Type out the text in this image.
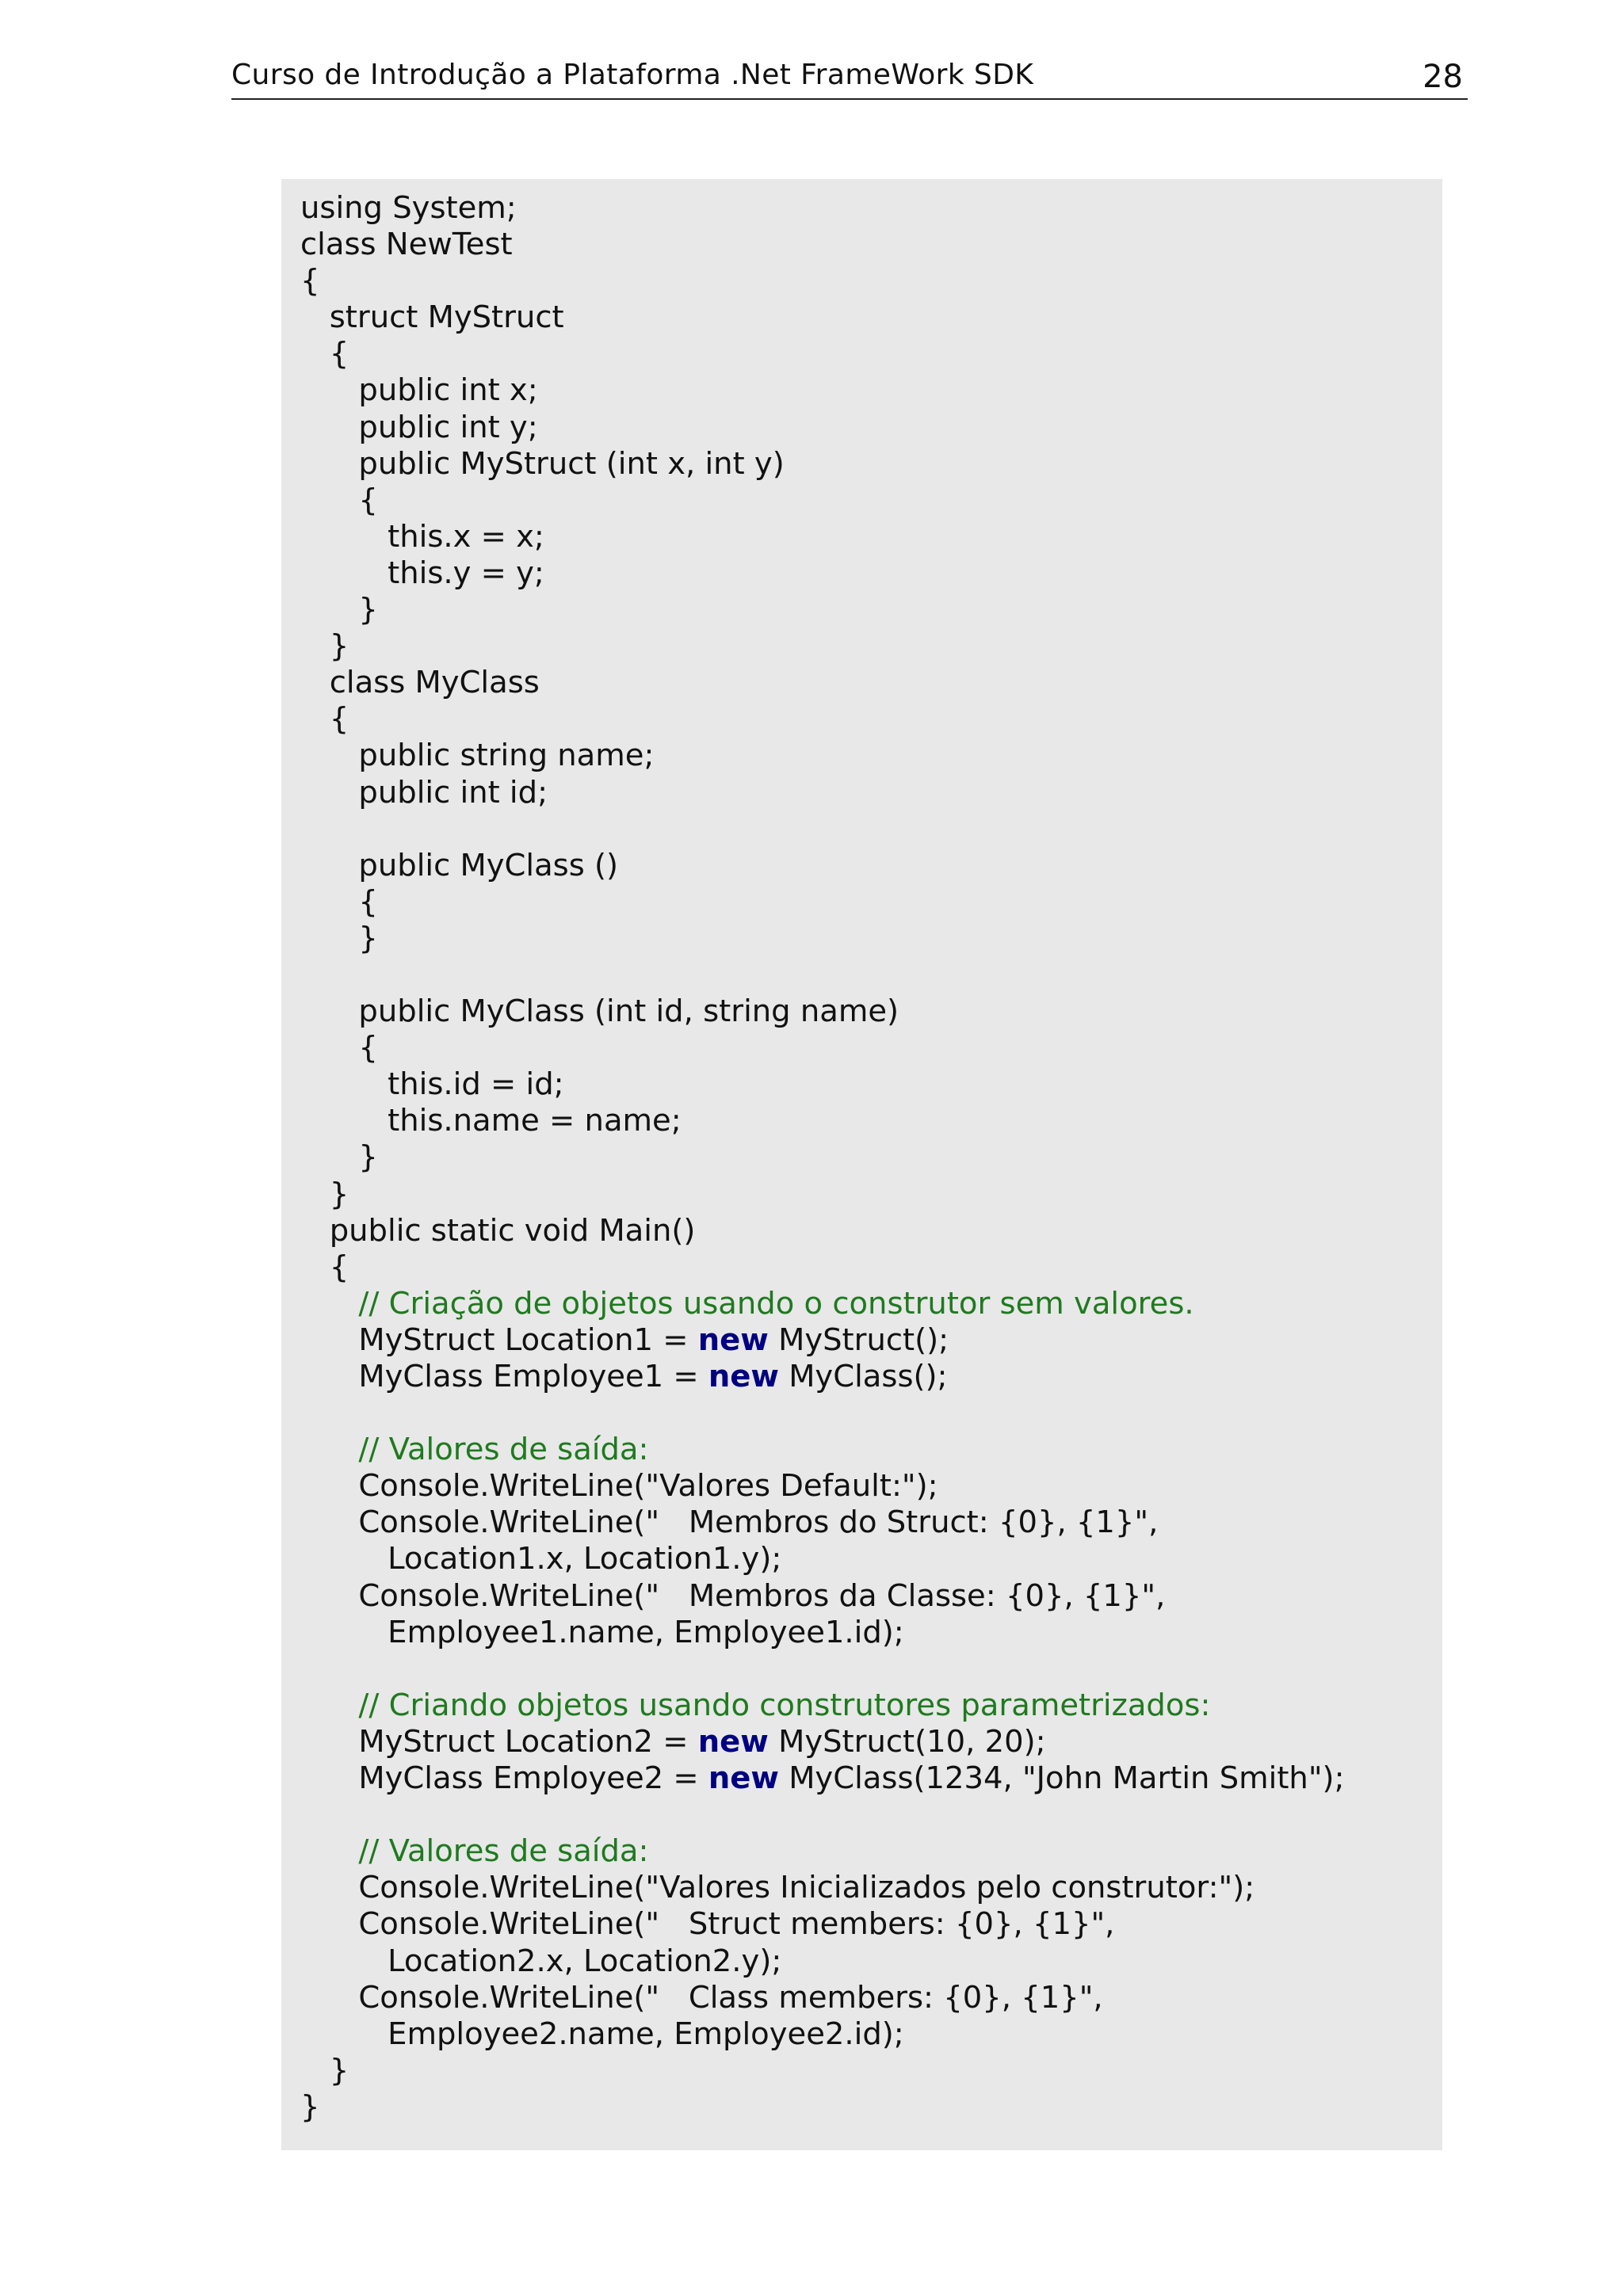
Curso de Introdução a Plataforma .Net FrameWork SDK	28
using System;
class NewTest
{
struct MyStruct
{
public int x;
public int y;
public MyStruct (int x, int y)
{
this.x = x;
this.y = y;
}
}
class MyClass
{
public string name;
public int id;

public MyClass ()
{
}

public MyClass (int id, string name)
{
this.id = id;
this.name = name;
}
}
public static void Main()
{
// Criação de objetos usando o construtor sem valores.
MyStruct Location1 = new MyStruct();
MyClass Employee1 = new MyClass();

// Valores de saída:
Console.WriteLine("Valores Default:");
Console.WriteLine("   Membros do Struct: {0}, {1}",
Location1.x, Location1.y);
Console.WriteLine("   Membros da Classe: {0}, {1}",
Employee1.name, Employee1.id);

// Criando objetos usando construtores parametrizados:
MyStruct Location2 = new MyStruct(10, 20);
MyClass Employee2 = new MyClass(1234, "John Martin Smith");

// Valores de saída:
Console.WriteLine("Valores Inicializados pelo construtor:");
Console.WriteLine("   Struct members: {0}, {1}",
Location2.x, Location2.y);
Console.WriteLine("   Class members: {0}, {1}",
Employee2.name, Employee2.id);
}
}
